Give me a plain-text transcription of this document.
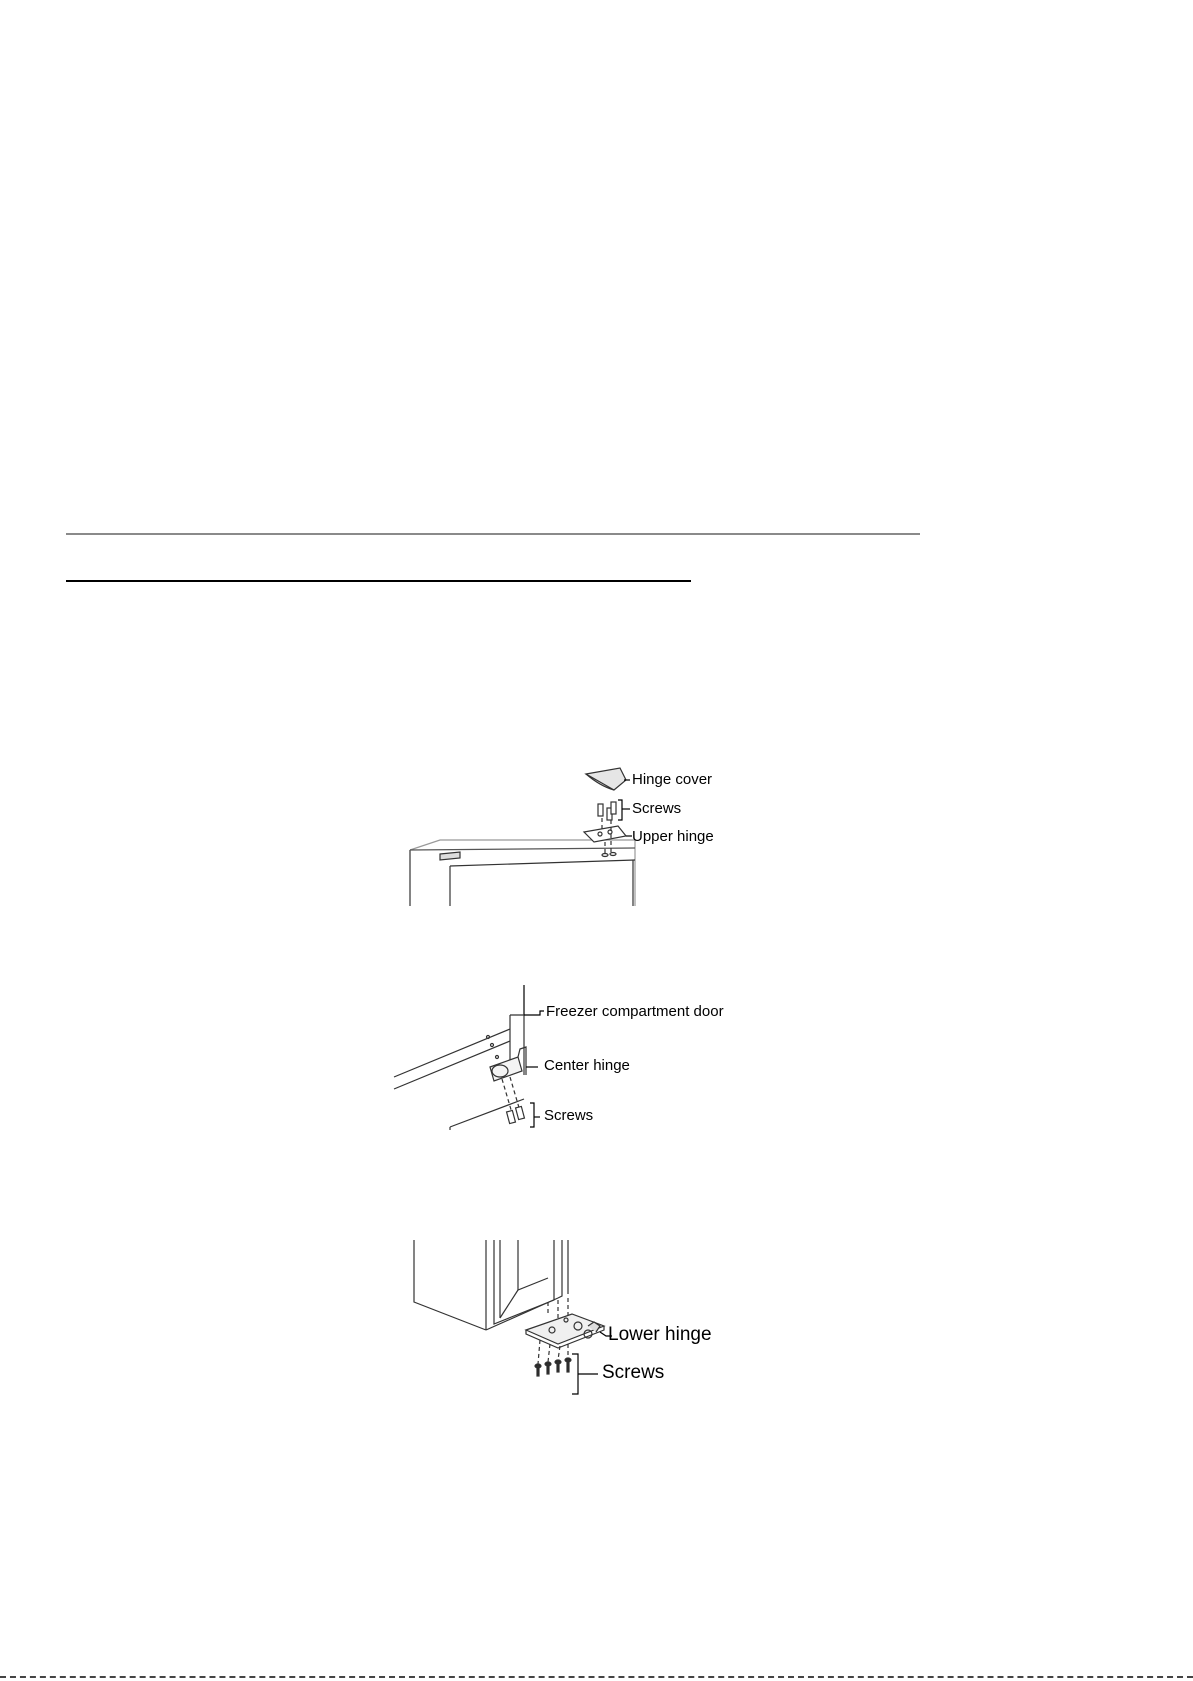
Hinge cover
Screws
Upper hinge
Freezer compartment door
Center hinge
Screws
Lower hinge
Screws
